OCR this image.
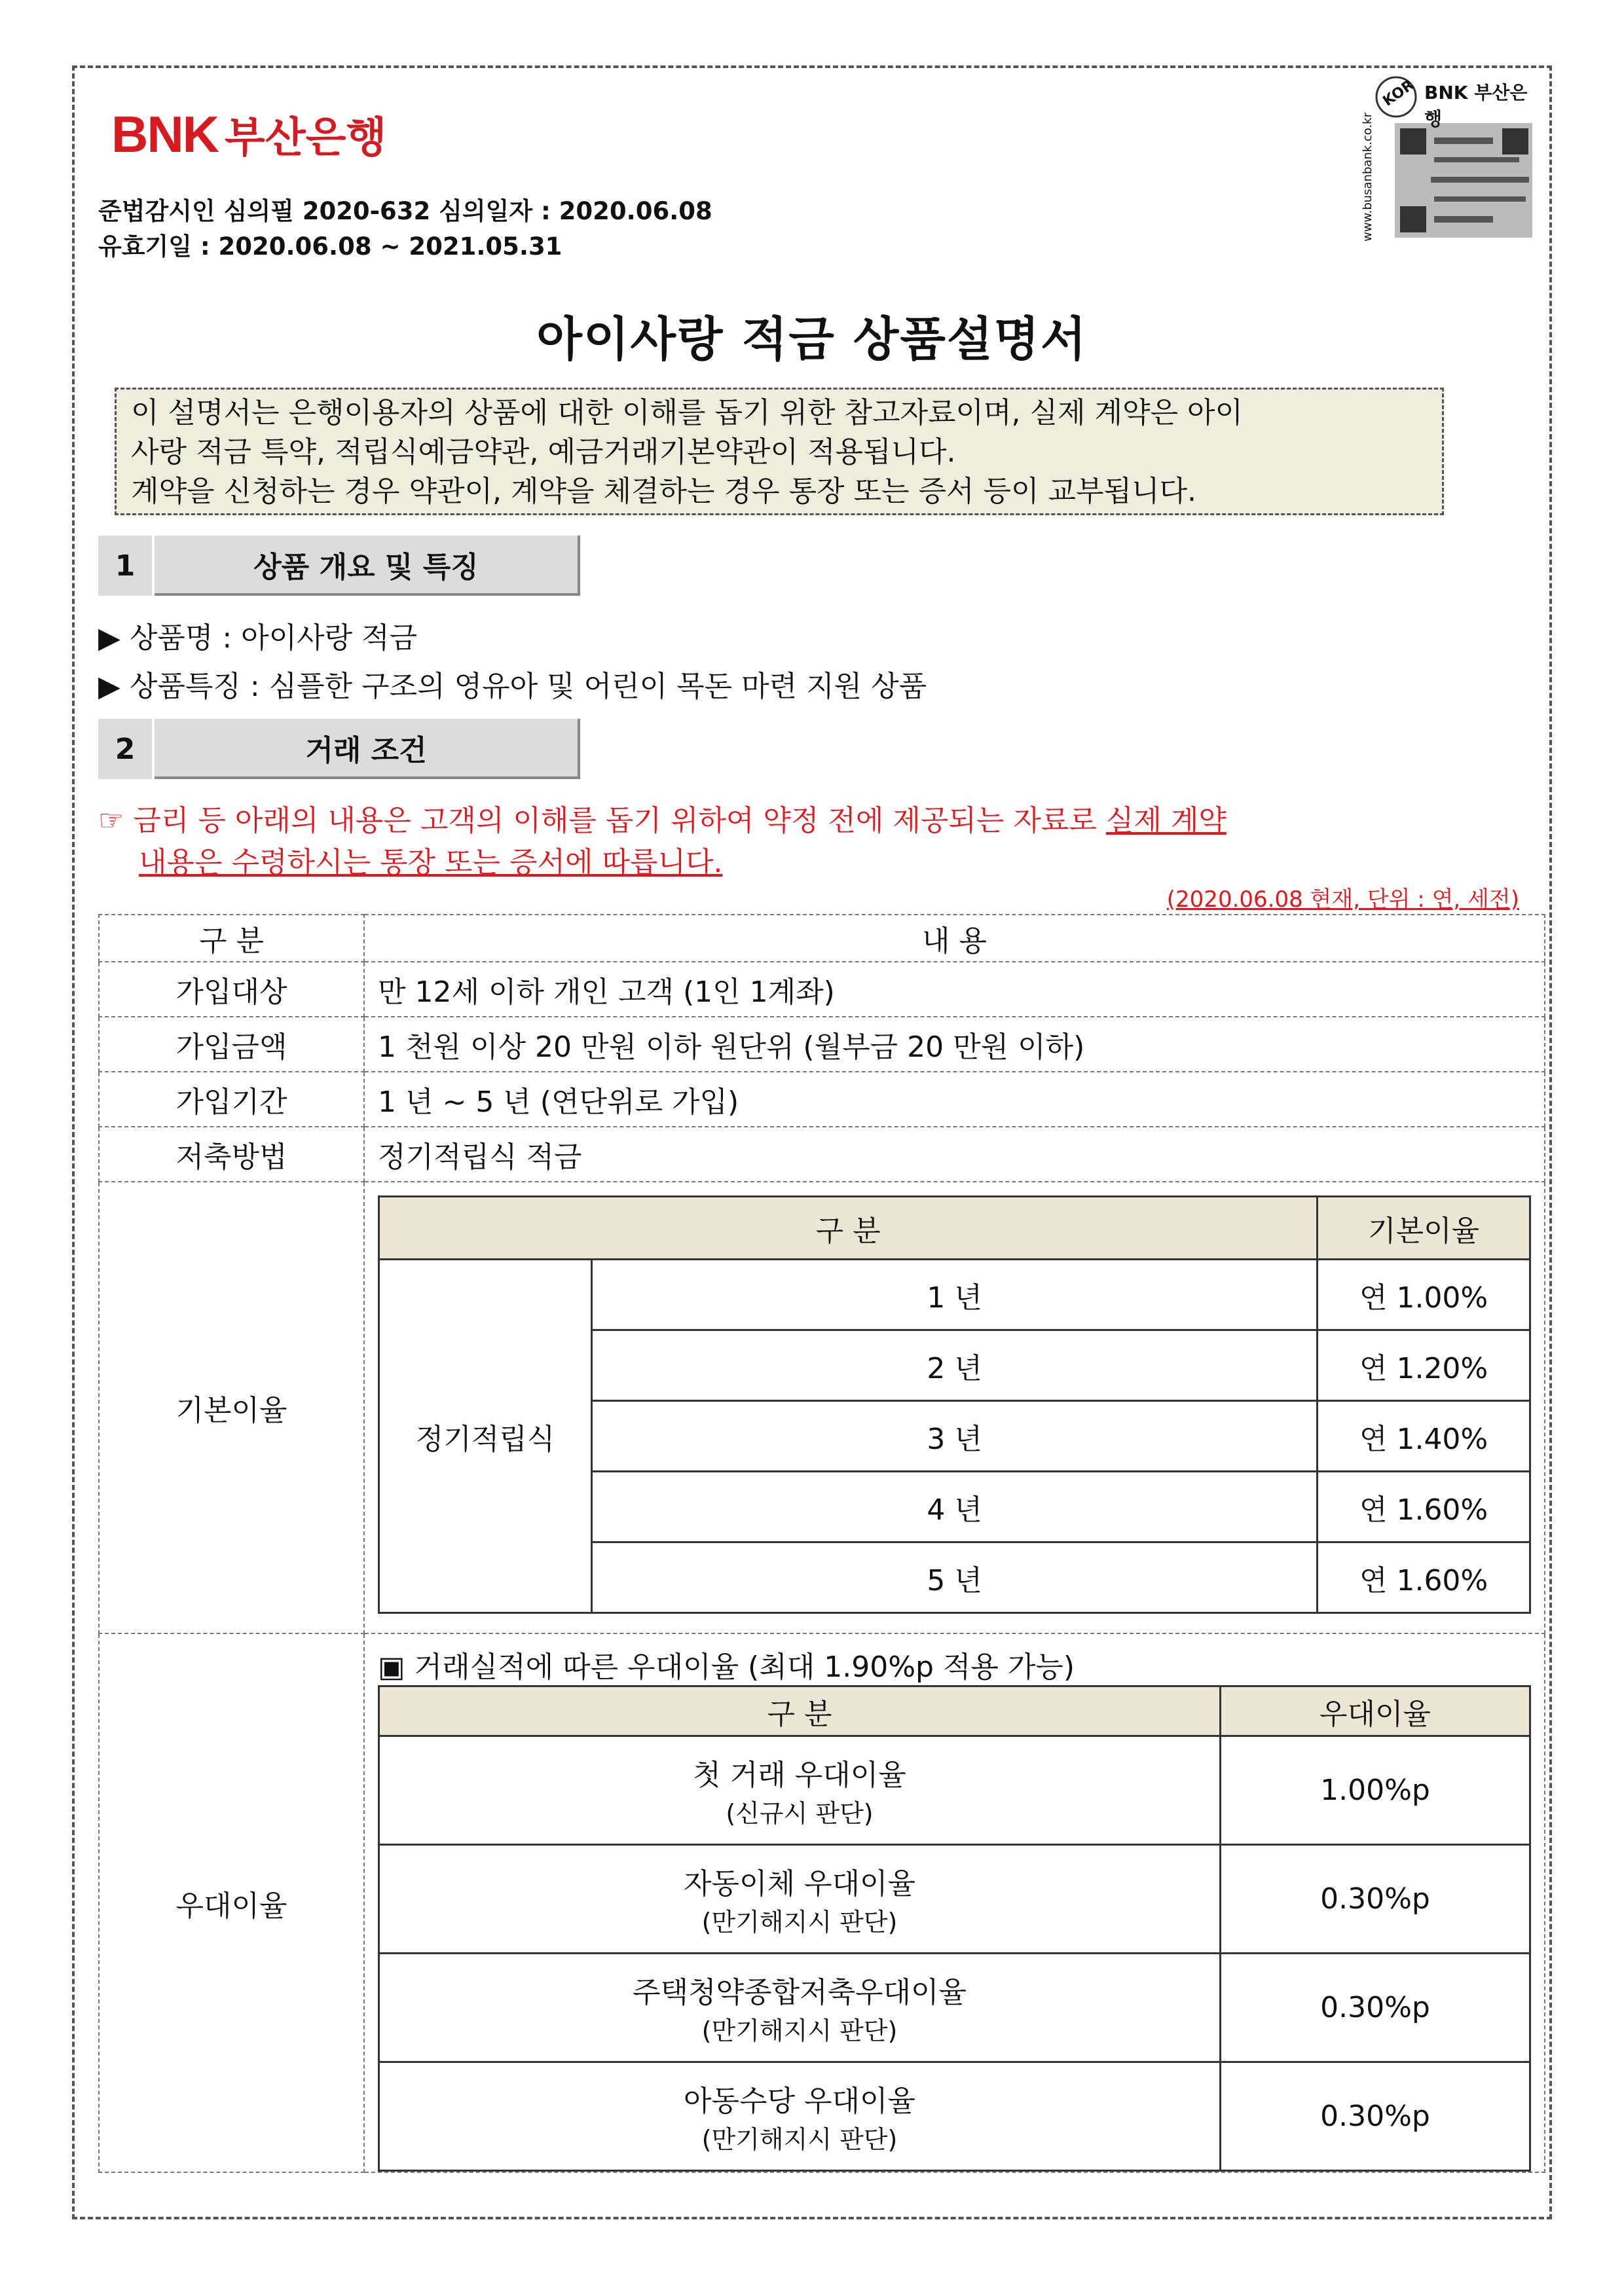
BNK 부산은행
KOR BNK 부산은행
www.busanbank.co.kr
준법감시인 심의필 2020-632 심의일자 : 2020.06.08
유효기일 : 2020.06.08 ~ 2021.05.31
아이사랑 적금 상품설명서
이 설명서는 은행이용자의 상품에 대한 이해를 돕기 위한 참고자료이며, 실제 계약은 아이
사랑 적금 특약, 적립식예금약관, 예금거래기본약관이 적용됩니다.
계약을 신청하는 경우 약관이, 계약을 체결하는 경우 통장 또는 증서 등이 교부됩니다.
1	상품 개요 및 특징
▶ 상품명 : 아이사랑 적금
▶ 상품특징 : 심플한 구조의 영유아 및 어린이 목돈 마련 지원 상품
2	거래 조건
☞ 금리 등 아래의 내용은 고객의 이해를 돕기 위하여 약정 전에 제공되는 자료로 실제 계약
내용은 수령하시는 통장 또는 증서에 따릅니다.
(2020.06.08 현재, 단위 : 연, 세전)
구 분	내 용
가입대상	만 12세 이하 개인 고객 (1인 1계좌)
가입금액	1 천원 이상 20 만원 이하 원단위 (월부금 20 만원 이하)
가입기간	1 년 ~ 5 년 (연단위로 가입)
저축방법	정기적립식 적금
기본이율	
구 분	기본이율
정기적립식	1 년	연 1.00%
2 년	연 1.20%
3 년	연 1.40%
4 년	연 1.60%
5 년	연 1.60%

우대이율	
▣ 거래실적에 따른 우대이율 (최대 1.90%p 적용 가능)
구 분	우대이율

첫 거래 우대이율
(신규시 판단)
	1.00%p

자동이체 우대이율
(만기해지시 판단)
	0.30%p

주택청약종합저축우대이율
(만기해지시 판단)
	0.30%p

아동수당 우대이율
(만기해지시 판단)
	0.30%p
